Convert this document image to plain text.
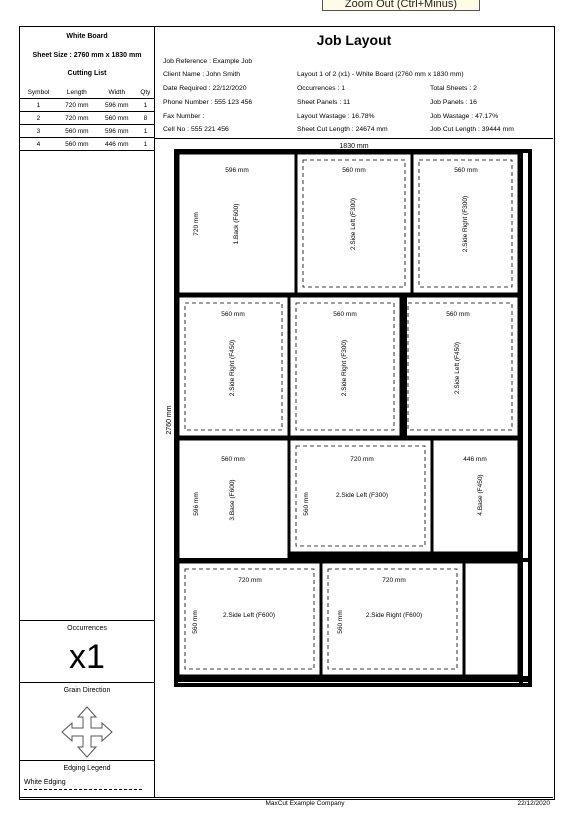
Zoom Out (Ctrl+Minus)
White Board
Sheet Size : 2760 mm x 1830 mm
Cutting List
Symbol	Length	Width	Qty
1	720 mm	596 mm	1
2	720 mm	560 mm	8
3	560 mm	596 mm	1
4	560 mm	446 mm	1
Occurrences
x1
Grain Direction
Edging Legend
White Edging
Job Layout
Job Reference : Example Job
Client Name : John Smith
Date Required : 22/12/2020
Phone Number : 555 123 456
Fax Number :
Cell No : 555 221 456
Layout 1 of 2 (x1) - White Board (2760 mm x 1830 mm)
Occurrences : 1
Sheet Panels : 11
Layout Wastage : 16.78%
Sheet Cut Length : 24674 mm
Total Sheets : 2
Job Panels : 16
Job Wastage : 47.17%
Job Cut Length : 39444 mm
1830 mm
2760 mm
596 mm
720 mm	1.Back (F600)
560 mm
2.Side Left (F300)
560 mm
2.Side Right (F300)
560 mm
2.Side Right (F450)
560 mm
2.Side Right (F300)
560 mm
2.Side Left (F450)
560 mm
596 mm	3.Base (F600)
720 mm
560 mm	2.Side Left (F300)
446 mm
4.Base (F450)
720 mm
560 mm	2.Side Left (F600)
720 mm
560 mm	2.Side Right (F600)
MaxCut Example Company	22/12/2020
